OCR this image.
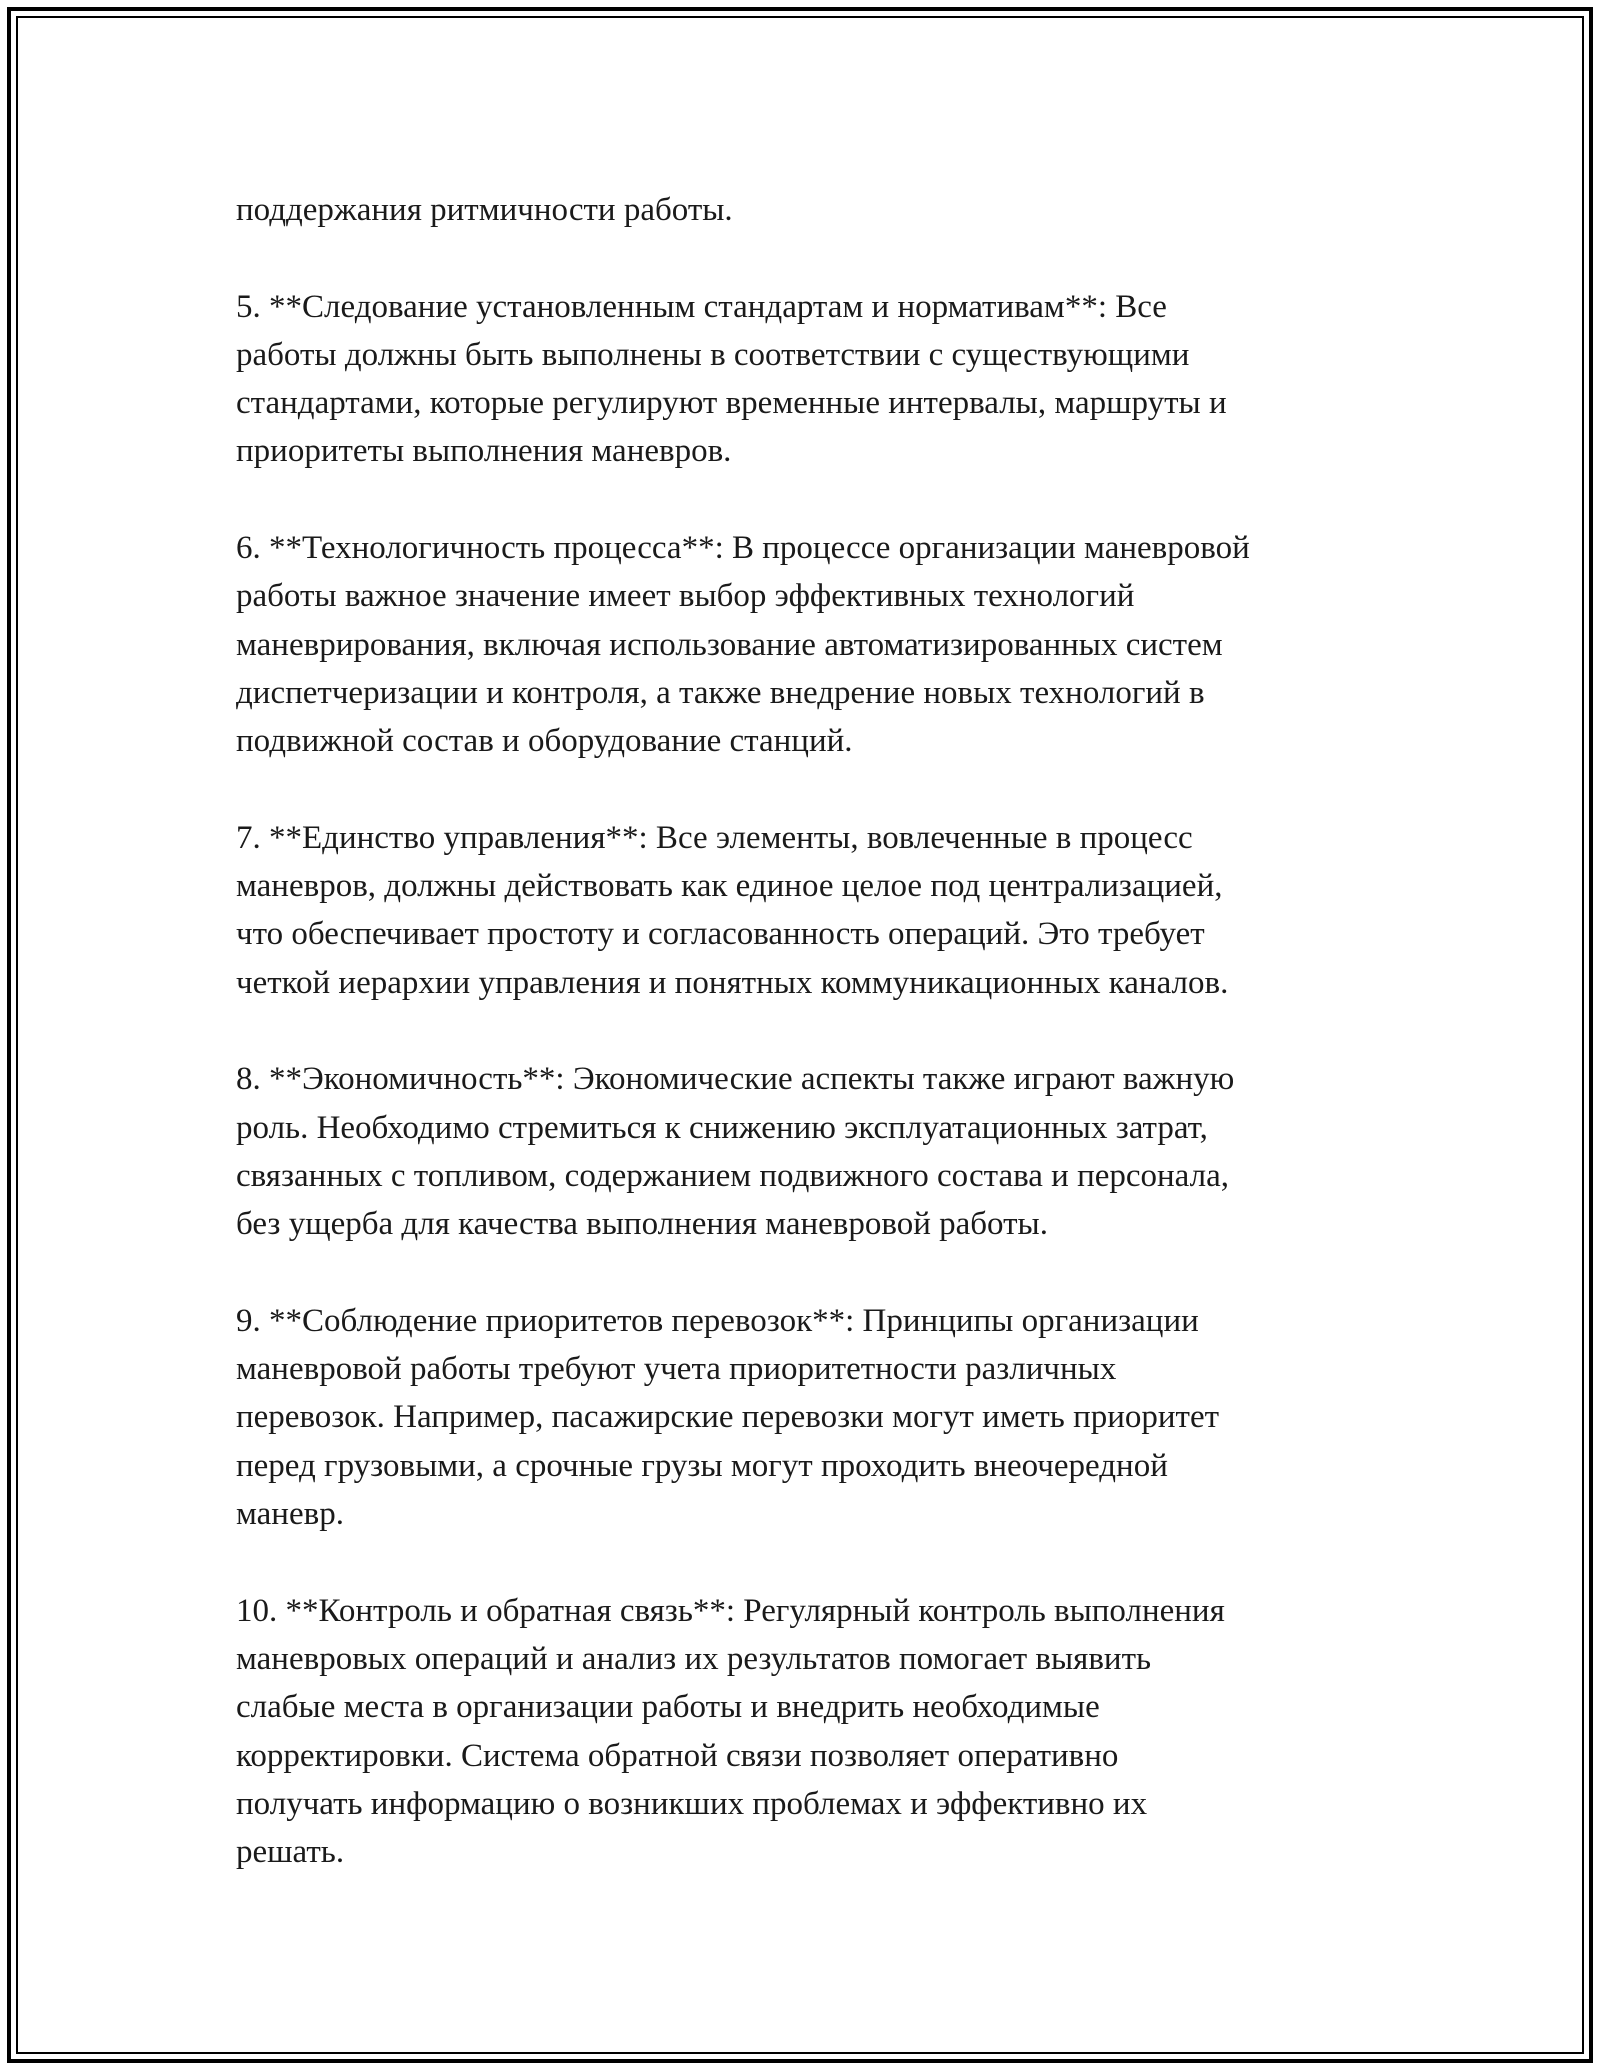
поддержания ритмичности работы.

5. **Следование установленным стандартам и нормативам**: Все
работы должны быть выполнены в соответствии с существующими
стандартами, которые регулируют временные интервалы, маршруты и
приоритеты выполнения маневров.

6. **Технологичность процесса**: В процессе организации маневровой
работы важное значение имеет выбор эффективных технологий
маневрирования, включая использование автоматизированных систем
диспетчеризации и контроля, а также внедрение новых технологий в
подвижной состав и оборудование станций.

7. **Единство управления**: Все элементы, вовлеченные в процесс
маневров, должны действовать как единое целое под централизацией,
что обеспечивает простоту и согласованность операций. Это требует
четкой иерархии управления и понятных коммуникационных каналов.

8. **Экономичность**: Экономические аспекты также играют важную
роль. Необходимо стремиться к снижению эксплуатационных затрат,
связанных с топливом, содержанием подвижного состава и персонала,
без ущерба для качества выполнения маневровой работы.

9. **Соблюдение приоритетов перевозок**: Принципы организации
маневровой работы требуют учета приоритетности различных
перевозок. Например, пасажирские перевозки могут иметь приоритет
перед грузовыми, а срочные грузы могут проходить внеочередной
маневр.

10. **Контроль и обратная связь**: Регулярный контроль выполнения
маневровых операций и анализ их результатов помогает выявить
слабые места в организации работы и внедрить необходимые
корректировки. Система обратной связи позволяет оперативно
получать информацию о возникших проблемах и эффективно их
решать.
